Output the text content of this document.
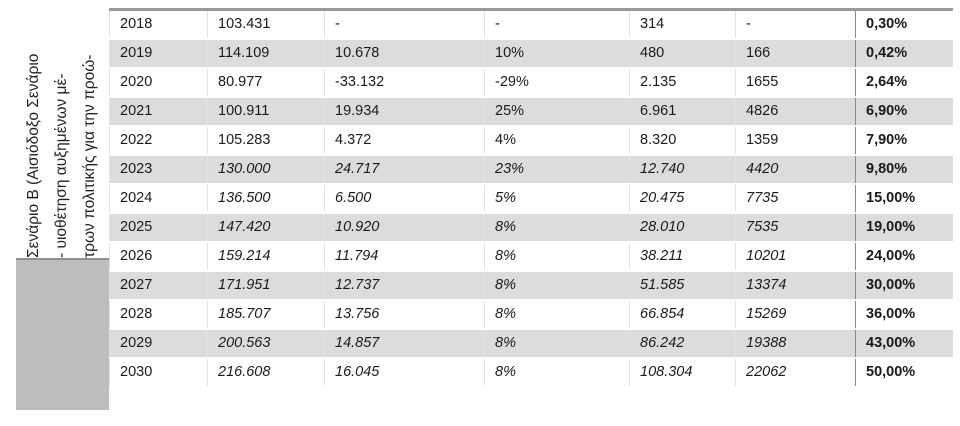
Σενάριο Β (Αισιόδοξο Σενάριο - υιοθέτηση αυξημένων μέ- τρων πολιτικής για την προώ-
2018	103.431	-	-	314	-	0,30%
2019	114.109	10.678	10%	480	166	0,42%
2020	80.977	-33.132	-29%	2.135	1655	2,64%
2021	100.911	19.934	25%	6.961	4826	6,90%
2022	105.283	4.372	4%	8.320	1359	7,90%
2023	130.000	24.717	23%	12.740	4420	9,80%
2024	136.500	6.500	5%	20.475	7735	15,00%
2025	147.420	10.920	8%	28.010	7535	19,00%
2026	159.214	11.794	8%	38.211	10201	24,00%
2027	171.951	12.737	8%	51.585	13374	30,00%
2028	185.707	13.756	8%	66.854	15269	36,00%
2029	200.563	14.857	8%	86.242	19388	43,00%
2030	216.608	16.045	8%	108.304	22062	50,00%
